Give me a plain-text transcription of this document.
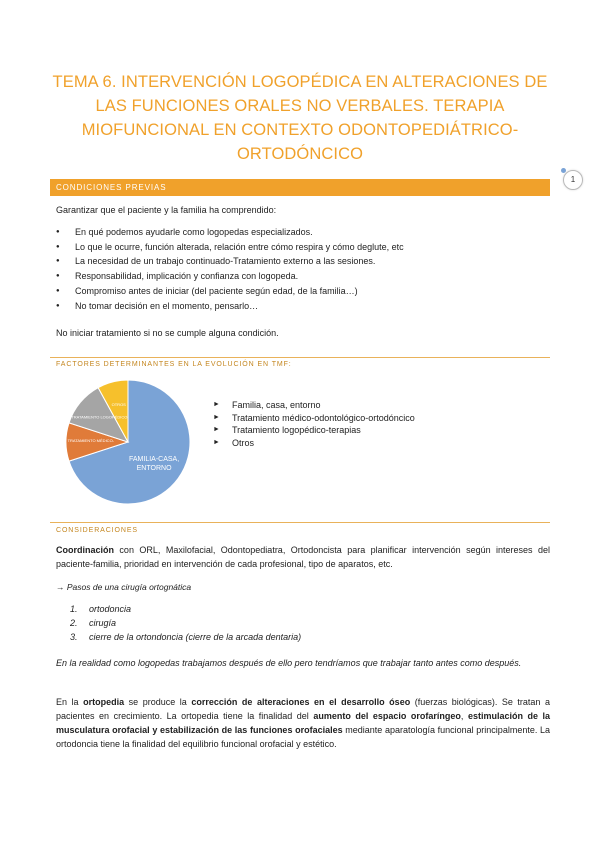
1
TEMA 6. INTERVENCIÓN LOGOPÉDICA EN ALTERACIONES DE LAS FUNCIONES ORALES NO VERBALES. TERAPIA MIOFUNCIONAL EN CONTEXTO ODONTOPEDIÁTRICO-ORTODÓNCICO
CONDICIONES PREVIAS
Garantizar que el paciente y la familia ha comprendido:
● En qué podemos ayudarle como logopedas especializados.
● Lo que le ocurre, función alterada, relación entre cómo respira y cómo deglute, etc
● La necesidad de un trabajo continuado-Tratamiento externo a las sesiones.
● Responsabilidad, implicación y confianza con logopeda.
● Compromiso antes de iniciar (del paciente según edad, de la familia…)
● No tomar decisión en el momento, pensarlo…
No iniciar tratamiento si no se cumple alguna condición.
FACTORES DETERMINANTES EN LA EVOLUCIÓN EN TMF:
FAMILIA-CASA, ENTORNO
TRATAMIENTO MÉDICO-
TRATAMIENTO LOGOPÉDICO
OTROS
►	Familia, casa, entorno
► Tratamiento médico-odontológico-ortodóncico
► Tratamiento logopédico-terapias
► Otros
CONSIDERACIONES
Coordinación con ORL, Maxilofacial, Odontopediatra, Ortodoncista para planificar intervención según intereses del paciente-familia, prioridad en intervención de cada profesional, tipo de aparatos, etc.
→ Pasos de una cirugía ortognática
1. ortodoncia
2. cirugía
3. cierre de la ortondoncia (cierre de la arcada dentaria)
En la realidad como logopedas trabajamos después de ello pero tendríamos que trabajar tanto antes como después.
En la ortopedia se produce la corrección de alteraciones en el desarrollo óseo (fuerzas biológicas). Se tratan a pacientes en crecimiento. La ortopedia tiene la finalidad del aumento del espacio orofaríngeo, estimulación de la musculatura orofacial y estabilización de las funciones orofaciales mediante aparatología funcional principalmente. La ortodoncia tiene la finalidad del equilibrio funcional orofacial y estético.
